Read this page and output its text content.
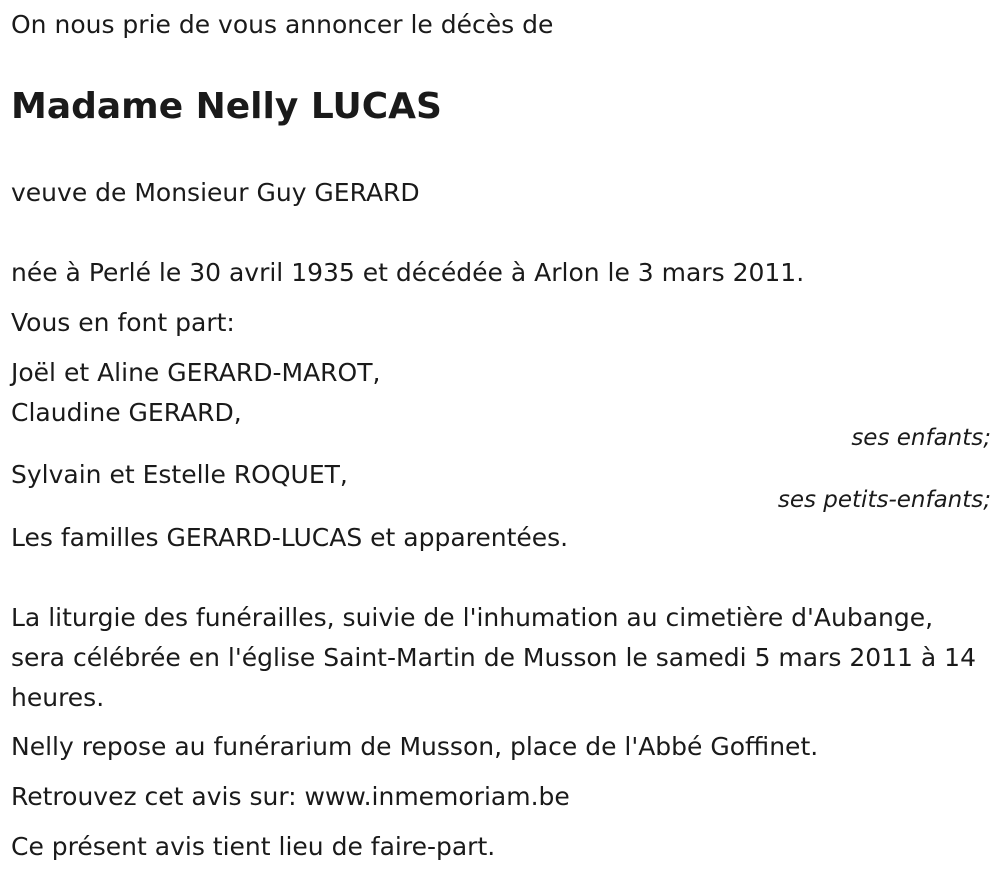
On nous prie de vous annoncer le décès de
Madame Nelly LUCAS
veuve de Monsieur Guy GERARD
née à Perlé le 30 avril 1935 et décédée à Arlon le 3 mars 2011.
Vous en font part:
Joël et Aline GERARD-MAROT,
Claudine GERARD,
ses enfants;
Sylvain et Estelle ROQUET,
ses petits-enfants;
Les familles GERARD-LUCAS et apparentées.
La liturgie des funérailles, suivie de l'inhumation au cimetière d'Aubange, sera célébrée en l'église Saint-Martin de Musson le samedi 5 mars 2011 à 14 heures.
Nelly repose au funérarium de Musson, place de l'Abbé Goffinet.
Retrouvez cet avis sur: www.inmemoriam.be
Ce présent avis tient lieu de faire-part.
